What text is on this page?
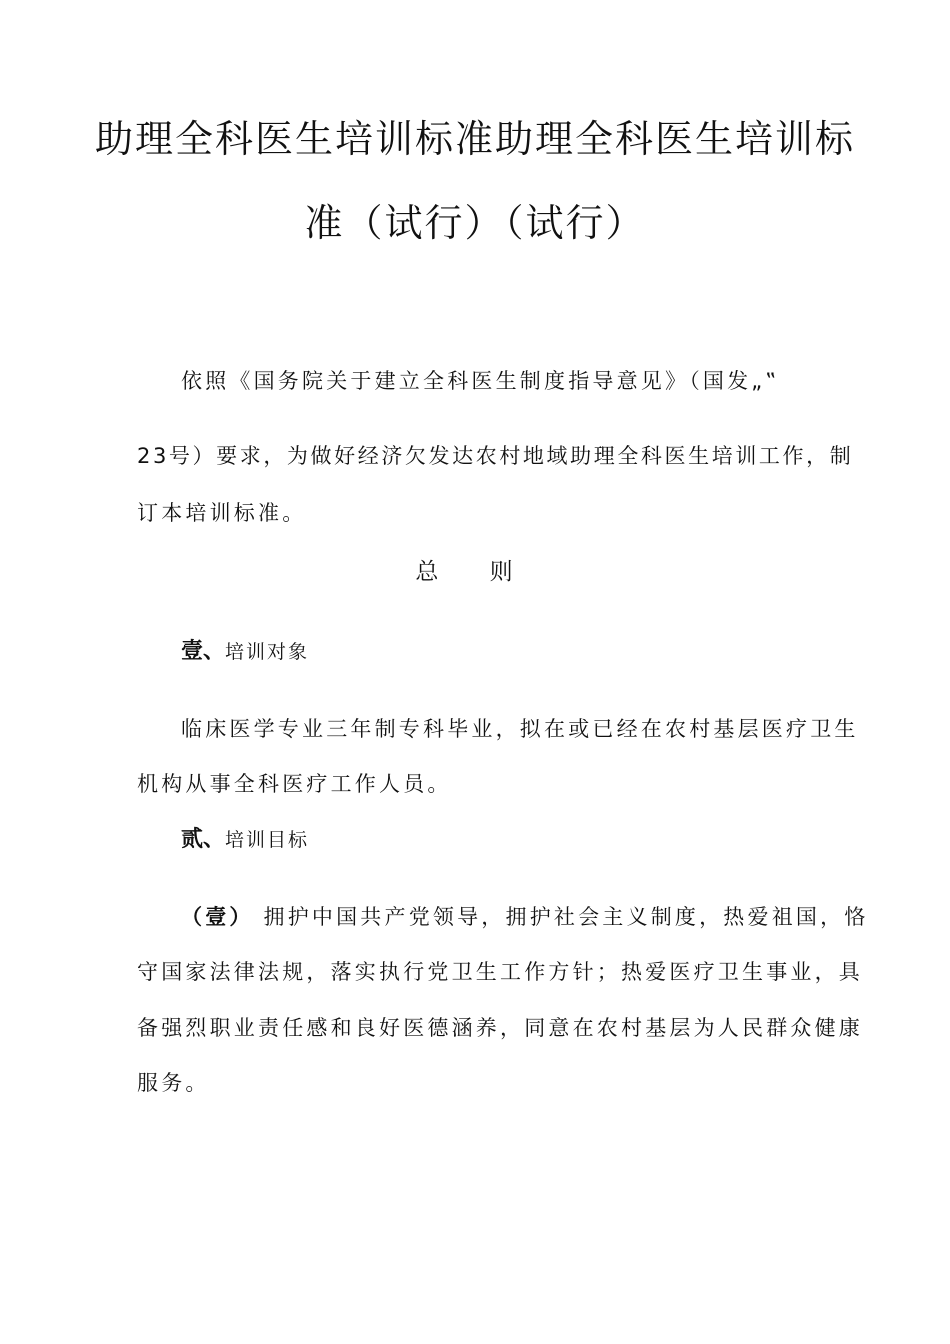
助理全科医生培训标准助理全科医生培训标
准（试行）（试行）
依照《国务院关于建立全科医生制度指导意见》（国发„‟
23号）要求，为做好经济欠发达农村地域助理全科医生培训工作，制
订本培训标准。
总 则
壹、培训对象
临床医学专业三年制专科毕业，拟在或已经在农村基层医疗卫生
机构从事全科医疗工作人员。
贰、培训目标
（壹） 拥护中国共产党领导，拥护社会主义制度，热爱祖国，恪
守国家法律法规，落实执行党卫生工作方针；热爱医疗卫生事业，具
备强烈职业责任感和良好医德涵养，同意在农村基层为人民群众健康
服务。
